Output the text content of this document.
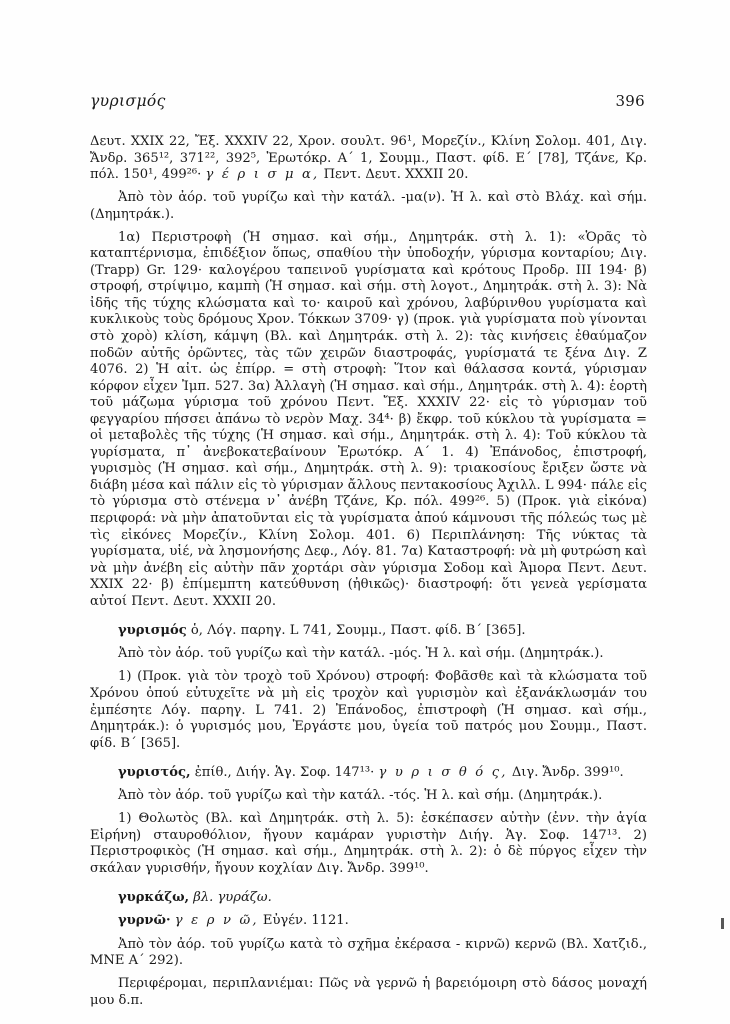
γυρισμός	396

Δευτ. XXIX 22, Ἔξ. XXXIV 22, Χρον. σουλτ. 96¹, Μορεζίν., Κλίνη Σολομ. 401, Διγ. Ἄνδρ. 365¹², 371²², 392⁵, Ἐρωτόκρ. Α΄ 1, Σουμμ., Παστ. φίδ. Ε΄ [78], Τζάνε, Κρ. πόλ. 150¹, 499²⁶· γ έ ρ ι σ μ α, Πεντ. Δευτ. XXXII 20.

Ἀπὸ τὸν ἀόρ. τοῦ γυρίζω καὶ τὴν κατάλ. -μα(ν). Ἡ λ. καὶ στὸ Βλάχ. καὶ σήμ. (Δημητράκ.).

1α) Περιστροφὴ (Ἡ σημασ. καὶ σήμ., Δημητράκ. στὴ λ. 1): «Ὁρᾶς τὸ καταπτέρνισμα, ἐπιδέξιον ὅπως, σπαθίου τὴν ὑποδοχήν, γύρισμα κονταρίου; Διγ. (Trapp) Gr. 129· καλογέρου ταπεινοῦ γυρίσματα καὶ κρότους Προδρ. III 194· β) στροφή, στρίψιμο, καμπὴ (Ἡ σημασ. καὶ σήμ. στὴ λογοτ., Δημητράκ. στὴ λ. 3): Νὰ ἰδῆς τῆς τύχης κλώσματα καὶ το· καιροῦ καὶ χρόνου, λαβύρινθου γυρίσματα καὶ κυκλικοὺς τοὺς δρόμους Χρον. Τόκκων 3709· γ) (προκ. γιὰ γυρίσματα ποὺ γίνονται στὸ χορὸ) κλίση, κάμψη (Βλ. καὶ Δημητράκ. στὴ λ. 2): τὰς κινήσεις ἐθαύμαζον ποδῶν αὐτῆς ὁρῶντες, τὰς τῶν χειρῶν διαστροφάς, γυρίσματά τε ξένα Διγ. Ζ 4076. 2) Ἡ αἰτ. ὡς ἐπίρρ. = στὴ στροφὴ: Ἵτον καὶ θάλασσα κοντά, γύρισμαν κόρφον εἶχεν Ἰμπ. 527. 3α) Ἀλλαγὴ (Ἡ σημασ. καὶ σήμ., Δημητράκ. στὴ λ. 4): ἑορτὴ τοῦ μάζωμα γύρισμα τοῦ χρόνου Πεντ. Ἔξ. XXXIV 22· εἰς τὸ γύρισμαν τοῦ φεγγαρίου πήσσει ἀπάνω τὸ νερὸν Μαχ. 34⁴· β) ἔκφρ. τοῦ κύκλου τὰ γυρίσματα = οἱ μεταβολὲς τῆς τύχης (Ἡ σημασ. καὶ σήμ., Δημητράκ. στὴ λ. 4): Τοῦ κύκλου τὰ γυρίσματα, π᾿ ἀνεβοκατεβαίνουν Ἐρωτόκρ. Α΄ 1. 4) Ἐπάνοδος, ἐπιστροφή, γυρισμὸς (Ἡ σημασ. καὶ σήμ., Δημητράκ. στὴ λ. 9): τριακοσίους ἔριξεν ὥστε νὰ διάβη μέσα καὶ πάλιν εἰς τὸ γύρισμαν ἄλλους πεντακοσίους Ἀχιλλ. L 994· πάλε εἰς τὸ γύρισμα στὸ στένεμα ν᾿ ἀνέβη Τζάνε, Κρ. πόλ. 499²⁶. 5) (Προκ. γιὰ εἰκόνα) περιφορά: νὰ μὴν ἀπατοῦνται εἰς τὰ γυρίσματα ἀπού κάμνουσι τῆς πόλεώς τως μὲ τὶς εἰκόνες Μορεζίν., Κλίνη Σολομ. 401. 6) Περιπλάνηση: Τῆς νύκτας τὰ γυρίσματα, υἱέ, νὰ λησμονήσης Δεφ., Λόγ. 81. 7α) Καταστροφή: νὰ μὴ φυτρώση καὶ νὰ μὴν ἀνέβη εἰς αὐτὴν πᾶν χορτάρι σὰν γύρισμα Σοδομ καὶ Ἀμορα Πεντ. Δευτ. XXIX 22· β) ἐπίμεμπτη κατεύθυνση (ἠθικῶς)· διαστροφή: ὅτι γενεὰ γερίσματα αὐτοί Πεντ. Δευτ. XXXII 20.

γυρισμός ὁ, Λόγ. παρηγ. L 741, Σουμμ., Παστ. φίδ. Β΄ [365].

Ἀπὸ τὸν ἀόρ. τοῦ γυρίζω καὶ τὴν κατάλ. -μός. Ἡ λ. καὶ σήμ. (Δημητράκ.).

1) (Προκ. γιὰ τὸν τροχὸ τοῦ Χρόνου) στροφή: Φοβᾶσθε καὶ τὰ κλώσματα τοῦ Χρόνου ὁπού εὐτυχεῖτε νὰ μὴ εἰς τροχὸν καὶ γυρισμὸν καὶ ἐξανάκλωσμάν του ἐμπέσητε Λόγ. παρηγ. L 741. 2) Ἐπάνοδος, ἐπιστροφὴ (Ἡ σημασ. καὶ σήμ., Δημητράκ.): ὁ γυρισμός μου, Ἐργάστε μου, ὑγεία τοῦ πατρός μου Σουμμ., Παστ. φίδ. Β΄ [365].

γυριστός, ἐπίθ., Διήγ. Ἁγ. Σοφ. 147¹³· γ υ ρ ι σ θ ό ς, Διγ. Ἄνδρ. 399¹⁰.

Ἀπὸ τὸν ἀόρ. τοῦ γυρίζω καὶ τὴν κατάλ. -τός. Ἡ λ. καὶ σήμ. (Δημητράκ.).

1) Θολωτὸς (Βλ. καὶ Δημητράκ. στὴ λ. 5): ἐσκέπασεν αὐτὴν (ἐνν. τὴν ἁγία Εἰρήνη) σταυροθόλιον, ἤγουν καμάραν γυριστὴν Διήγ. Ἁγ. Σοφ. 147¹³. 2) Περιστροφικὸς (Ἡ σημασ. καὶ σήμ., Δημητράκ. στὴ λ. 2): ὁ δὲ πύργος εἶχεν τὴν σκάλαν γυρισθήν, ἤγουν κοχλίαν Διγ. Ἄνδρ. 399¹⁰.

γυρκάζω, βλ. γυράζω.

γυρνῶ· γ ε ρ ν ῶ, Εὐγέν. 1121.

Ἀπὸ τὸν ἀόρ. τοῦ γυρίζω κατὰ τὸ σχῆμα ἐκέρασα - κιρνῶ) κερνῶ (Βλ. Χατζιδ., ΜΝΕ Α΄ 292).

Περιφέρομαι, περιπλανιέμαι: Πῶς νὰ γερνῶ ἡ βαρειόμοιρη στὸ δάσος μοναχή μου δ.π.
